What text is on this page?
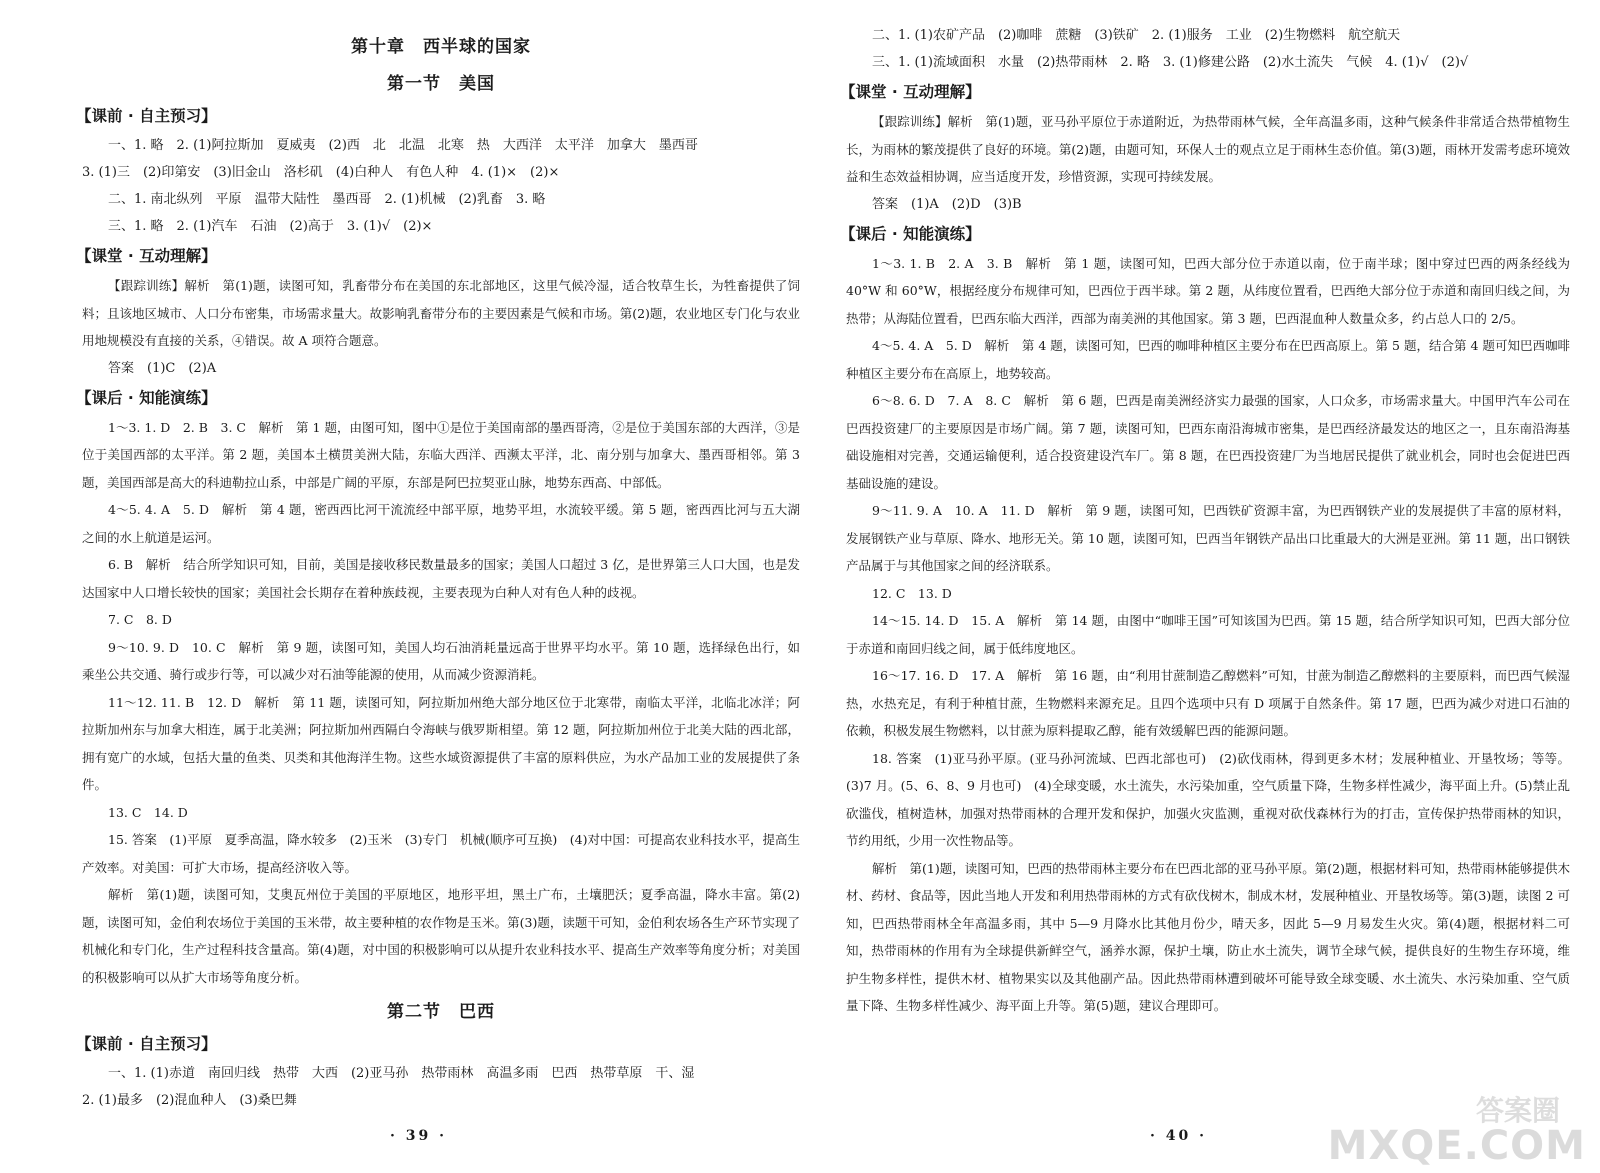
第十章　西半球的国家
第一节　美国
【课前 · 自主预习】
一、1. 略　2. (1)阿拉斯加　夏威夷　(2)西　北　北温　北寒　热　大西洋　太平洋　加拿大　墨西哥
3. (1)三　(2)印第安　(3)旧金山　洛杉矶　(4)白种人　有色人种　4. (1)×　(2)×
二、1. 南北纵列　平原　温带大陆性　墨西哥　2. (1)机械　(2)乳畜　3. 略
三、1. 略　2. (1)汽车　石油　(2)高于　3. (1)√　(2)×
【课堂 · 互动理解】
【跟踪训练】解析　第(1)题，读图可知，乳畜带分布在美国的东北部地区，这里气候冷湿，适合牧草生长，为牲畜提供了饲料；且该地区城市、人口分布密集，市场需求量大。故影响乳畜带分布的主要因素是气候和市场。第(2)题，农业地区专门化与农业用地规模没有直接的关系，④错误。故 A 项符合题意。
答案　(1)C　(2)A
【课后 · 知能演练】
1～3. 1. D　2. B　3. C　解析　第 1 题，由图可知，图中①是位于美国南部的墨西哥湾，②是位于美国东部的大西洋，③是位于美国西部的太平洋。第 2 题，美国本土横贯美洲大陆，东临大西洋、西濒太平洋，北、南分别与加拿大、墨西哥相邻。第 3 题，美国西部是高大的科迪勒拉山系，中部是广阔的平原，东部是阿巴拉契亚山脉，地势东西高、中部低。
4～5. 4. A　5. D　解析　第 4 题，密西西比河干流流经中部平原，地势平坦，水流较平缓。第 5 题，密西西比河与五大湖之间的水上航道是运河。
6. B　解析　结合所学知识可知，目前，美国是接收移民数量最多的国家；美国人口超过 3 亿，是世界第三人口大国，也是发达国家中人口增长较快的国家；美国社会长期存在着种族歧视，主要表现为白种人对有色人种的歧视。
7. C　8. D
9～10. 9. D　10. C　解析　第 9 题，读图可知，美国人均石油消耗量远高于世界平均水平。第 10 题，选择绿色出行，如乘坐公共交通、骑行或步行等，可以减少对石油等能源的使用，从而减少资源消耗。
11～12. 11. B　12. D　解析　第 11 题，读图可知，阿拉斯加州绝大部分地区位于北寒带，南临太平洋，北临北冰洋；阿拉斯加州东与加拿大相连，属于北美洲；阿拉斯加州西隔白令海峡与俄罗斯相望。第 12 题，阿拉斯加州位于北美大陆的西北部，拥有宽广的水域，包括大量的鱼类、贝类和其他海洋生物。这些水域资源提供了丰富的原料供应，为水产品加工业的发展提供了条件。
13. C　14. D
15. 答案　(1)平原　夏季高温，降水较多　(2)玉米　(3)专门　机械(顺序可互换)　(4)对中国：可提高农业科技水平，提高生产效率。对美国：可扩大市场，提高经济收入等。
解析　第(1)题，读图可知，艾奥瓦州位于美国的平原地区，地形平坦，黑土广布，土壤肥沃；夏季高温，降水丰富。第(2)题，读图可知，金伯利农场位于美国的玉米带，故主要种植的农作物是玉米。第(3)题，读题干可知，金伯利农场各生产环节实现了机械化和专门化，生产过程科技含量高。第(4)题，对中国的积极影响可以从提升农业科技水平、提高生产效率等角度分析；对美国的积极影响可以从扩大市场等角度分析。
第二节　巴西
【课前 · 自主预习】
一、1. (1)赤道　南回归线　热带　大西　(2)亚马孙　热带雨林　高温多雨　巴西　热带草原　干、湿
2. (1)最多　(2)混血种人　(3)桑巴舞
· 39 ·
二、1. (1)农矿产品　(2)咖啡　蔗糖　(3)铁矿　2. (1)服务　工业　(2)生物燃料　航空航天
三、1. (1)流域面积　水量　(2)热带雨林　2. 略　3. (1)修建公路　(2)水土流失　气候　4. (1)√　(2)√
【课堂 · 互动理解】
【跟踪训练】解析　第(1)题，亚马孙平原位于赤道附近，为热带雨林气候，全年高温多雨，这种气候条件非常适合热带植物生长，为雨林的繁茂提供了良好的环境。第(2)题，由题可知，环保人士的观点立足于雨林生态价值。第(3)题，雨林开发需考虑环境效益和生态效益相协调，应当适度开发，珍惜资源，实现可持续发展。
答案　(1)A　(2)D　(3)B
【课后 · 知能演练】
1～3. 1. B　2. A　3. B　解析　第 1 题，读图可知，巴西大部分位于赤道以南，位于南半球；图中穿过巴西的两条经线为 40°W 和 60°W，根据经度分布规律可知，巴西位于西半球。第 2 题，从纬度位置看，巴西绝大部分位于赤道和南回归线之间，为热带；从海陆位置看，巴西东临大西洋，西部为南美洲的其他国家。第 3 题，巴西混血种人数量众多，约占总人口的 2/5。
4～5. 4. A　5. D　解析　第 4 题，读图可知，巴西的咖啡种植区主要分布在巴西高原上。第 5 题，结合第 4 题可知巴西咖啡种植区主要分布在高原上，地势较高。
6～8. 6. D　7. A　8. C　解析　第 6 题，巴西是南美洲经济实力最强的国家，人口众多，市场需求量大。中国甲汽车公司在巴西投资建厂的主要原因是市场广阔。第 7 题，读图可知，巴西东南沿海城市密集，是巴西经济最发达的地区之一，且东南沿海基础设施相对完善，交通运输便利，适合投资建设汽车厂。第 8 题，在巴西投资建厂为当地居民提供了就业机会，同时也会促进巴西基础设施的建设。
9～11. 9. A　10. A　11. D　解析　第 9 题，读图可知，巴西铁矿资源丰富，为巴西钢铁产业的发展提供了丰富的原材料，发展钢铁产业与草原、降水、地形无关。第 10 题，读图可知，巴西当年钢铁产品出口比重最大的大洲是亚洲。第 11 题，出口钢铁产品属于与其他国家之间的经济联系。
12. C　13. D
14～15. 14. D　15. A　解析　第 14 题，由图中“咖啡王国”可知该国为巴西。第 15 题，结合所学知识可知，巴西大部分位于赤道和南回归线之间，属于低纬度地区。
16～17. 16. D　17. A　解析　第 16 题，由“利用甘蔗制造乙醇燃料”可知，甘蔗为制造乙醇燃料的主要原料，而巴西气候湿热，水热充足，有利于种植甘蔗，生物燃料来源充足。且四个选项中只有 D 项属于自然条件。第 17 题，巴西为减少对进口石油的依赖，积极发展生物燃料，以甘蔗为原料提取乙醇，能有效缓解巴西的能源问题。
18. 答案　(1)亚马孙平原。(亚马孙河流域、巴西北部也可)　(2)砍伐雨林，得到更多木材；发展种植业、开垦牧场；等等。(3)7 月。(5、6、8、9 月也可)　(4)全球变暖，水土流失，水污染加重，空气质量下降，生物多样性减少，海平面上升。(5)禁止乱砍滥伐，植树造林，加强对热带雨林的合理开发和保护，加强火灾监测，重视对砍伐森林行为的打击，宣传保护热带雨林的知识，节约用纸，少用一次性物品等。
解析　第(1)题，读图可知，巴西的热带雨林主要分布在巴西北部的亚马孙平原。第(2)题，根据材料可知，热带雨林能够提供木材、药材、食品等，因此当地人开发和利用热带雨林的方式有砍伐树木，制成木材，发展种植业、开垦牧场等。第(3)题，读图 2 可知，巴西热带雨林全年高温多雨，其中 5—9 月降水比其他月份少，晴天多，因此 5—9 月易发生火灾。第(4)题，根据材料二可知，热带雨林的作用有为全球提供新鲜空气，涵养水源，保护土壤，防止水土流失，调节全球气候，提供良好的生物生存环境，维护生物多样性，提供木材、植物果实以及其他副产品。因此热带雨林遭到破坏可能导致全球变暖、水土流失、水污染加重、空气质量下降、生物多样性减少、海平面上升等。第(5)题，建议合理即可。
· 40 ·
答案圈
MXQE.COM
